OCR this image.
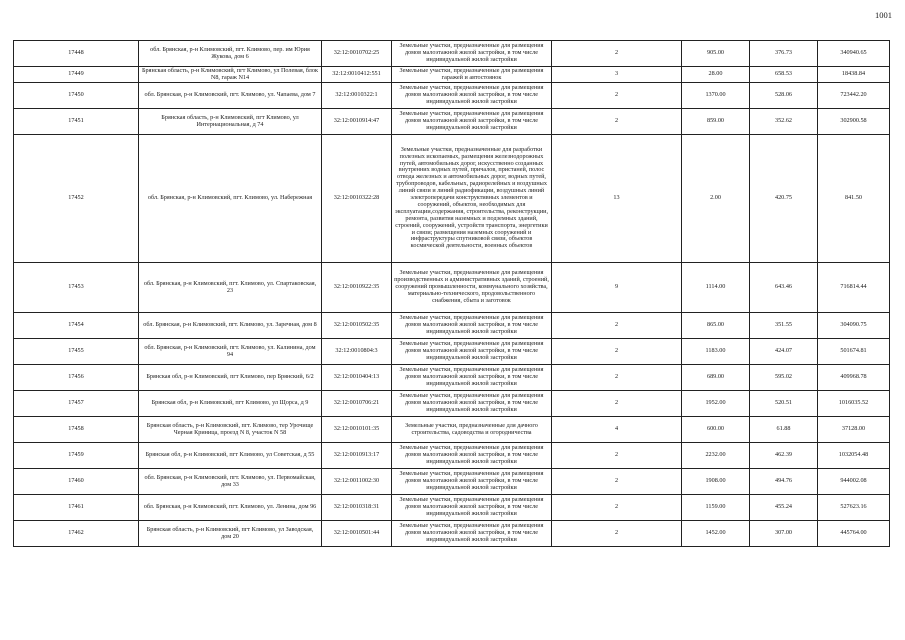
1001
17448	обл. Брянская, р-н Климовский, пгт. Климово, пер. им Юрия Жукова, дом 6	32:12:0010702:25	Земельные участки, предназначенные для размещения домов малоэтажной жилой застройки, в том числе индивидуальной жилой застройки	2	905.00	376.73	340940.65
17449	Брянская область, р-н Климовский, пгт Климово, ул Полевая, блок N8, гараж N14	32:12:0010412:551	Земельные участки, предназначенные для размещения гаражей и автостоянок	3	28.00	658.53	18438.84
17450	обл. Брянская, р-н Климовский, пгт. Климово, ул. Чапаева, дом 7	32:12:0010322:1	Земельные участки, предназначенные для размещения домов малоэтажной жилой застройки, в том числе индивидуальной жилой застройки	2	1370.00	528.06	723442.20
17451	Брянская область, р-н Климовский, пгт Климово, ул Интернациональная, д 74	32:12:0010914:47	Земельные участки, предназначенные для размещения домов малоэтажной жилой застройки, в том числе индивидуальной жилой застройки	2	859.00	352.62	302900.58
17452	обл. Брянская, р-н Климовский, пгт. Климово, ул. Набережная	32:12:0010322:28	Земельные участки, предназначенные для разработки полезных ископаемых, размещения железнодорожных путей, автомобильных дорог, искусственно созданных внутренних водных путей, причалов, пристаней, полос отвода железных и автомобильных дорог, водных путей, трубопроводов, кабельных, радиорелейных и воздушных линий связи и линий радиофикации, воздушных линий электропередачи конструктивных элементов и сооружений, объектов, необходимых для эксплуатации,содержания, строительства, реконструкции, ремонта, развития наземных и подземных зданий, строений, сооружений, устройств транспорта, энергетики и связи; размещения наземных сооружений и инфраструктуры спутниковой связи, объектов космической деятельности, военных объектов	13	2.00	420.75	841.50
17453	обл. Брянская, р-н Климовский, пгт. Климово, ул. Спартаковская, 23	32:12:0010922:35	Земельные участки, предназначенные для размещения производственных и административных зданий, строений, сооружений промышленности, коммунального хозяйства, материально-технического, продовольственного снабжения, сбыта и заготовок	9	1114.00	643.46	716814.44
17454	обл. Брянская, р-н Климовский, пгт. Климово, ул. Заречная, дом 8	32:12:0010502:35	Земельные участки, предназначенные для размещения домов малоэтажной жилой застройки, в том числе индивидуальной жилой застройки	2	865.00	351.55	304090.75
17455	обл. Брянская, р-н Климовский, пгт. Климово, ул. Калинина, дом 94	32:12:0010804:3	Земельные участки, предназначенные для размещения домов малоэтажной жилой застройки, в том числе индивидуальной жилой застройки	2	1183.00	424.07	501674.81
17456	Брянская обл, р-н Климовский, пгт Климово, пер Брянский, 6/2	32:12:0010404:13	Земельные участки, предназначенные для размещения домов малоэтажной жилой застройки, в том числе индивидуальной жилой застройки	2	689.00	595.02	409968.78
17457	Брянская обл, р-н Климовский, пгт Климово, ул Щорса, д 9	32:12:0010706:21	Земельные участки, предназначенные для размещения домов малоэтажной жилой застройки, в том числе индивидуальной жилой застройки	2	1952.00	520.51	1016035.52
17458	Брянская область, р-н Климовский, пгт. Климово, тер Урочище Черная Криница, проезд N 8, участок N 58	32:12:0010101:35	Земельные участки, предназначенные для дачного строительства, садоводства и огородничества	4	600.00	61.88	37128.00
17459	Брянская обл, р-н Климовский, пгт Климово, ул Советская, д 55	32:12:0010913:17	Земельные участки, предназначенные для размещения домов малоэтажной жилой застройки, в том числе индивидуальной жилой застройки	2	2232.00	462.39	1032054.48
17460	обл. Брянская, р-н Климовский, пгт. Климово, ул. Первомайская, дом 33	32:12:0011002:30	Земельные участки, предназначенные для размещения домов малоэтажной жилой застройки, в том числе индивидуальной жилой застройки	2	1908.00	494.76	944002.08
17461	обл. Брянская, р-н Климовский, пгт. Климово, ул. Ленина, дом 96	32:12:0010318:31	Земельные участки, предназначенные для размещения домов малоэтажной жилой застройки, в том числе индивидуальной жилой застройки	2	1159.00	455.24	527623.16
17462	Брянская область, р-н Климовский, пгт Климово, ул Заводская, дом 20	32:12:0010501:44	Земельные участки, предназначенные для размещения домов малоэтажной жилой застройки, в том числе индивидуальной жилой застройки	2	1452.00	307.00	445764.00
